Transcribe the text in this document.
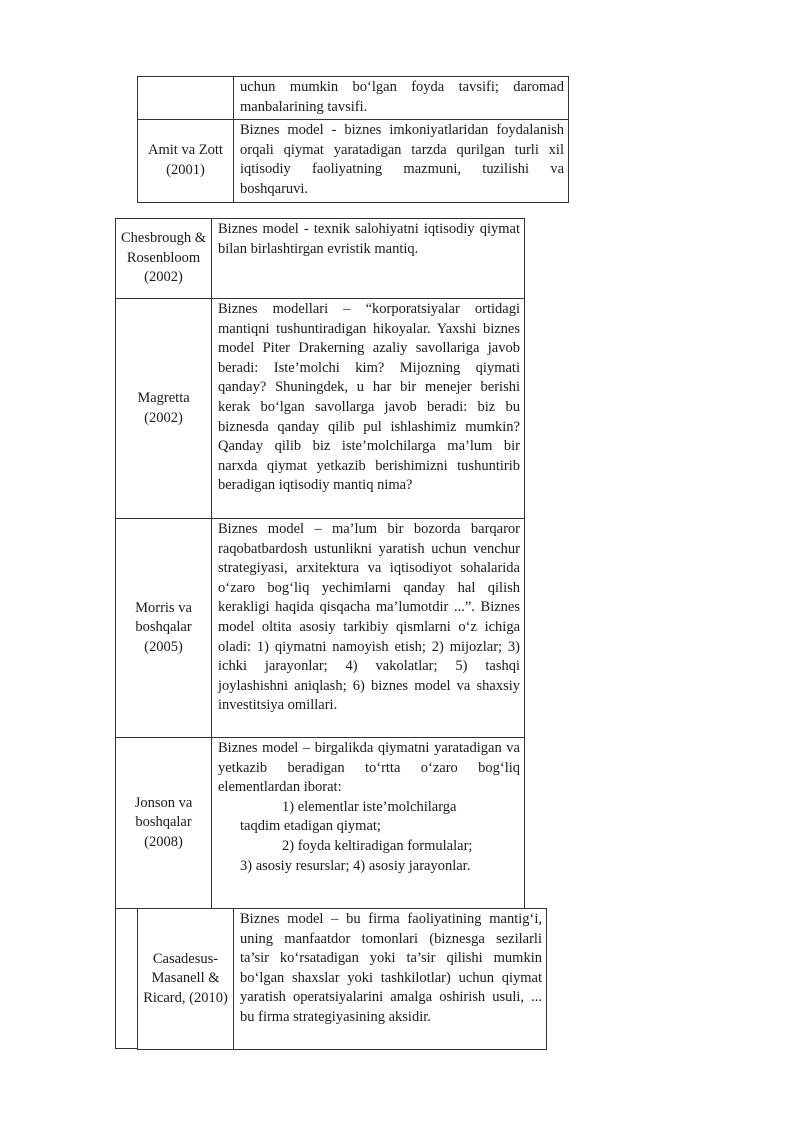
	uchun mumkin bo‘lgan foyda tavsifi; daromad manbalarining tavsifi.
Amit va Zott (2001)	Biznes model - biznes imkoniyatlaridan foydalanish orqali qiymat yaratadigan tarzda qurilgan turli xil iqtisodiy faoliyatning mazmuni, tuzilishi va boshqaruvi.
Chesbrough & Rosenbloom (2002)	Biznes model - texnik salohiyatni iqtisodiy qiymat bilan birlashtirgan evristik mantiq.
Magretta (2002)	Biznes modellari – “korporatsiyalar ortidagi mantiqni tushuntiradigan hikoyalar. Yaxshi biznes model Piter Drakerning azaliy savollariga javob beradi: Iste’molchi kim? Mijozning qiymati qanday? Shuningdek, u har bir menejer berishi kerak bo‘lgan savollarga javob beradi: biz bu biznesda qanday qilib pul ishlashimiz mumkin? Qanday qilib biz iste’molchilarga ma’lum bir narxda qiymat yetkazib berishimizni tushuntirib beradigan iqtisodiy mantiq nima?
Morris va boshqalar (2005)	Biznes model – ma’lum bir bozorda barqaror raqobatbardosh ustunlikni yaratish uchun venchur strategiyasi, arxitektura va iqtisodiyot sohalarida o‘zaro bog‘liq yechimlarni qanday hal qilish kerakligi haqida qisqacha ma’lumotdir ...”. Biznes model oltita asosiy tarkibiy qismlarni o‘z ichiga oladi: 1) qiymatni namoyish etish; 2) mijozlar; 3) ichki jarayonlar; 4) vakolatlar; 5) tashqi joylashishni aniqlash; 6) biznes model va shaxsiy investitsiya omillari.
Jonson va boshqalar (2008)	Biznes model – birgalikda qiymatni yaratadigan va yetkazib beradigan to‘rtta o‘zaro bog‘liq elementlardan iborat:
1) elementlar iste’molchilarga
taqdim etadigan qiymat;
2) foyda keltiradigan formulalar;
3) asosiy resurslar; 4) asosiy jarayonlar.
Casadesus-Masanell & Ricard, (2010)	Biznes model – bu firma faoliyatining mantig‘i, uning manfaatdor tomonlari (biznesga sezilarli ta’sir ko‘rsatadigan yoki ta’sir qilishi mumkin bo‘lgan shaxslar yoki tashkilotlar) uchun qiymat yaratish operatsiyalarini amalga oshirish usuli, ... bu firma strategiyasining aksidir.
